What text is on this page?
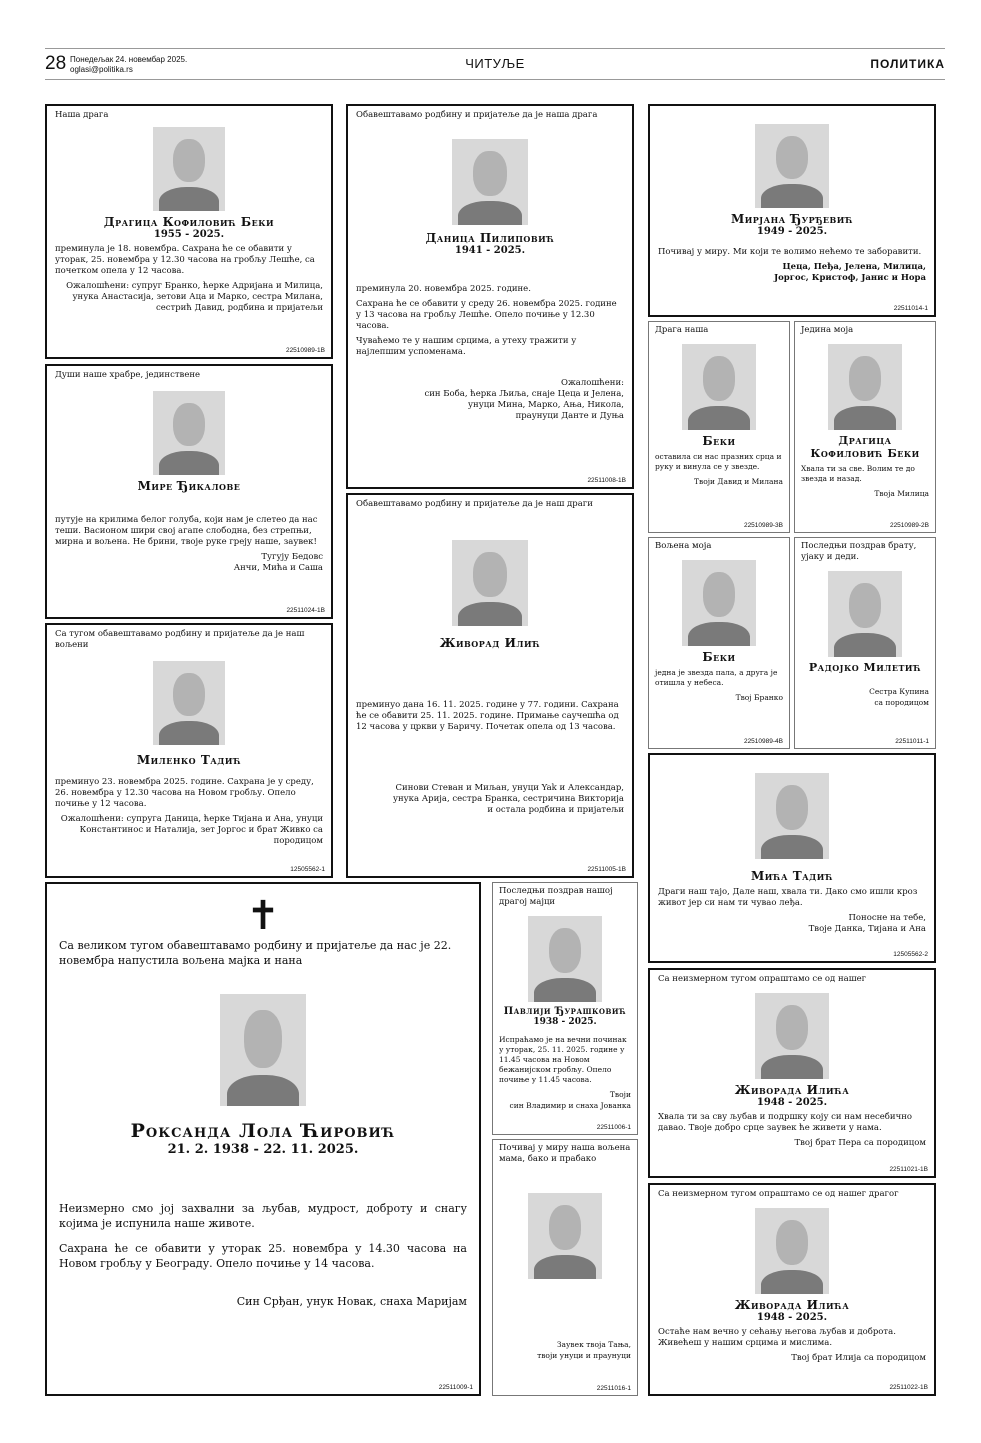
28 Понедељак 24. новембар 2025.
oglasi@politika.rs	ЧИТУЉЕ	ПОЛИТИКА

Наша драга

Драгица Кофиловић Беки

1955 - 2025.

преминула је 18. новембра. Сахрана ће се обавити у уторак, 25. новембра у 12.30 часова на гробљу Лешће, са почетком опела у 12 часова.

Ожалошћени: супруг Бранко, ћерке Адријана и Милица, унука Анастасија, зетови Аца и Марко, сестра Милана, сестрић Давид, родбина и пријатељи

22510989-1В

Души наше храбре, јединствене

Мире Ђикалове

путује на крилима белог голуба, који нам је слетео да нас теши. Васионом шири свој агапе слободна, без стрепњи, мирна и вољена. Не брини, твоје руке греју наше, заувек!

Тугују Бедовс
Анчи, Мића и Саша

22511024-1В

Са тугом обавештавамо родбину и пријатеље да је наш вољени

Миленко Тадић

преминуо 23. новембра 2025. године. Сахрана је у среду, 26. новембра у 12.30 часова на Новом гробљу. Опело почиње у 12 часова.

Ожалошћени: супруга Даница, ћерке Тијана и Ана, унуци Константинос и Наталија, зет Јоргос и брат Живко са породицом

12505562-1

Обавештавамо родбину и пријатеље да је наша драга

Даница Пилиповић

1941 - 2025.

преминула 20. новембра 2025. године.

Сахрана ће се обавити у среду 26. новембра 2025. године у 13 часова на гробљу Лешће. Опело почиње у 12.30 часова.

Чуваћемо те у нашим срцима, а утеху тражити у најлепшим успоменама.

Ожалошћени:
син Боба, ћерка Љиља, снаје Цеца и Јелена,
унуци Мина, Марко, Ања, Никола,
праунуци Данте и Дуња

22511008-1В

Обавештавамо родбину и пријатеље да је наш драги

Живорад Илић

преминуо дана 16. 11. 2025. године у 77. години. Сахрана ће се обавити 25. 11. 2025. године. Примање саучешћа од 12 часова у цркви у Баричу. Почетак опела од 13 часова.

Синови Стеван и Миљан, унуци Yak и Александар,
унука Арија, сестра Бранка, сестричина Викторија
и остала родбина и пријатељи

22511005-1В

Мирјана Ђурђевић

1949 - 2025.

Почивај у миру. Ми који те волимо нећемо те заборавити.

Цеца, Пеђа, Јелена, Милица,
Јоргос, Кристоф, Јанис и Нора

22511014-1

Драга наша

Беки

оставила си нас празних срца и руку и винула се у звезде.

Твоји Давид и Милана

22510989-3В

Једина моја

Драгица Кофиловић Беки

Хвала ти за све. Волим те до звезда и назад.

Твоја Милица

22510989-2В

Вољена моја

Беки

једна је звезда пала, а друга је отишла у небеса.

Твој Бранко

22510989-4В

Последњи поздрав брату, ујаку и деди.

Радојко Милетић

Сестра Купина
са породицом

22511011-1

Мића Тадић

Драги наш тајо, Дале наш, хвала ти. Дако смо ишли кроз живот јер си нам ти чувао леђа.

Поносне на тебе,
Твоје Данка, Тијана и Ана

12505562-2

Са неизмерном тугом опраштамо се од нашег

Живорада Илића

1948 - 2025.

Хвала ти за сву љубав и подршку коју си нам несебично давао. Твоје добро срце заувек ће живети у нама.

Твој брат Пера са породицом

22511021-1В

Са неизмерном тугом опраштамо се од нашег драгог

Живорада Илића

1948 - 2025.

Остаће нам вечно у сећању његова љубав и доброта. Живећеш у нашим срцима и мислима.

Твој брат Илија са породицом

22511022-1В
✝

Са великом тугом обавештавамо родбину и пријатеље да нас је 22. новембра напустила вољена мајка и нана

Роксанда Лола Ћировић

21. 2. 1938 - 22. 11. 2025.

Неизмерно смо јој захвални за љубав, мудрост, доброту и снагу којима је испунила наше животе.

Сахрана ће се обавити у уторак 25. новембра у 14.30 часова на Новом гробљу у Београду. Опело почиње у 14 часова.

Син Срђан, унук Новак, снаха Маријам

22511009-1

Последњи поздрав нашој драгој мајци

Павлији Ђурашковић

1938 - 2025.

Испраћамо је на вечни починак у уторак, 25. 11. 2025. године у 11.45 часова на Новом бежанијском гробљу. Опело почиње у 11.45 часова.

Твоји
син Владимир и снаха Јованка

22511006-1

Почивај у миру наша вољена мама, бако и прабако

Заувек твоја Тања,
твоји унуци и праунуци

22511016-1
